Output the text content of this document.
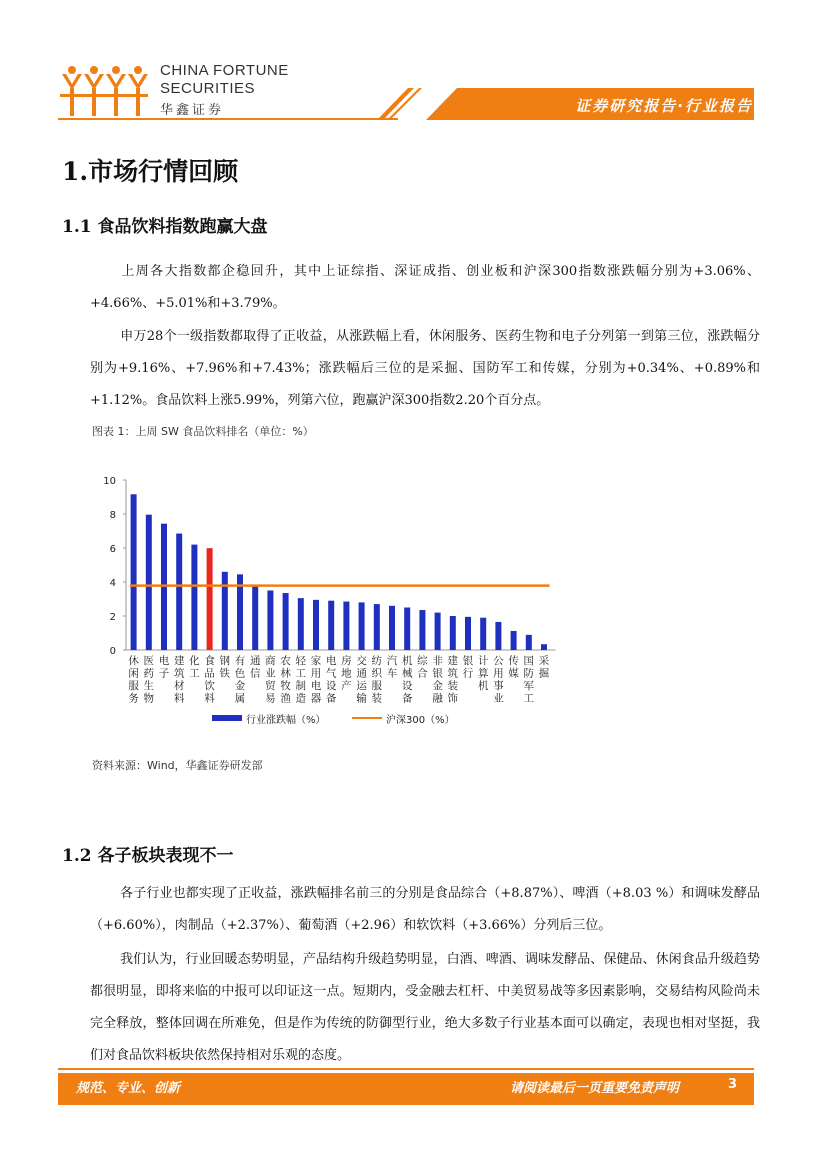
CHINA FORTUNE
SECURITIES
华鑫证券	证券研究报告·行业报告
1.市场行情回顾
1.1 食品饮料指数跑赢大盘

上周各大指数都企稳回升，其中上证综指、深证成指、创业板和沪深300指数涨跌幅分别为+3.06%、+4.66%、+5.01%和+3.79%。

申万28个一级指数都取得了正收益，从涨跌幅上看，休闲服务、医药生物和电子分列第一到第三位，涨跌幅分别为+9.16%、+7.96%和+7.43%；涨跌幅后三位的是采掘、国防军工和传媒，分别为+0.34%、+0.89%和+1.12%。食品饮料上涨5.99%，列第六位，跑赢沪深300指数2.20个百分点。

图表 1：上周 SW 食品饮料排名（单位：%）
0
2
4
6
8
10
休闲服务
医药生物
电子
建筑材料
化工
食品饮料
钢铁
有色金属
通信
商业贸易
农林牧渔
轻工制造
家用电器
电气设备
房地产
交通运输
纺织服装
汽车
机械设备
综合
非银金融
建筑装饰
银行
计算机
公用事业
传媒
国防军工
采掘
行业涨跌幅（%）	沪深300（%）
资料来源：Wind，华鑫证券研发部
1.2 各子板块表现不一

各子行业也都实现了正收益，涨跌幅排名前三的分别是食品综合（+8.87%）、啤酒（+8.03 %）和调味发酵品（+6.60%），肉制品（+2.37%）、葡萄酒（+2.96）和软饮料（+3.66%）分列后三位。

我们认为，行业回暖态势明显，产品结构升级趋势明显，白酒、啤酒、调味发酵品、保健品、休闲食品升级趋势都很明显，即将来临的中报可以印证这一点。短期内，受金融去杠杆、中美贸易战等多因素影响，交易结构风险尚未完全释放，整体回调在所难免，但是作为传统的防御型行业，绝大多数子行业基本面可以确定，表现也相对坚挺，我们对食品饮料板块依然保持相对乐观的态度。

规范、专业、创新	请阅读最后一页重要免责声明	3
